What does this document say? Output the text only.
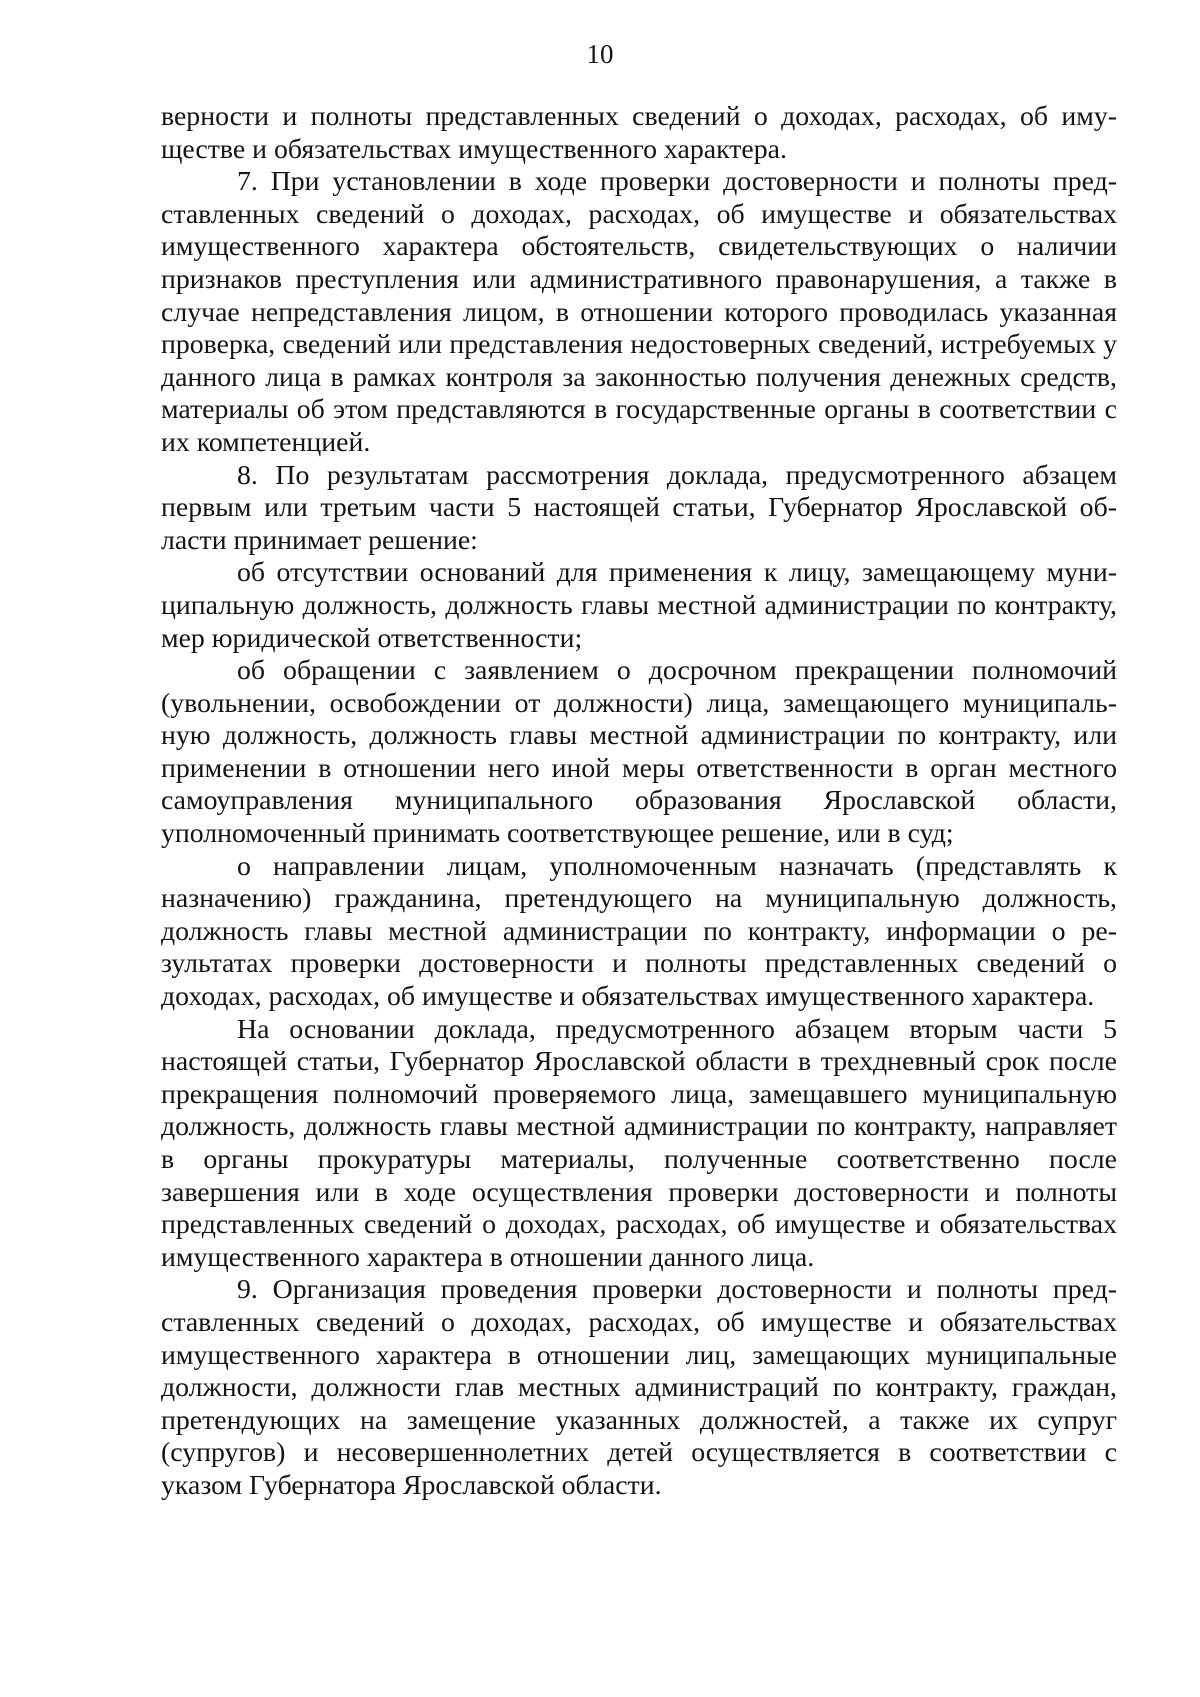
10

верности и полноты представленных сведений о доходах, расходах, об имуществе и обязательствах имущественного характера.

7. При установлении в ходе проверки достоверности и полноты представленных сведений о доходах, расходах, об имуществе и обязательствах имущественного характера обстоятельств, свидетельствующих о наличии признаков преступления или административного правонарушения, а также в случае непредставления лицом, в отношении которого проводилась указанная проверка, сведений или представления недостоверных сведений, истребуемых у данного лица в рамках контроля за законностью получения денежных средств, материалы об этом представляются в государственные органы в соответствии с их компетенцией.

8. По результатам рассмотрения доклада, предусмотренного абзацем первым или третьим части 5 настоящей статьи, Губернатор Ярославской области принимает решение:

об отсутствии оснований для применения к лицу, замещающему муниципальную должность, должность главы местной администрации по контракту, мер юридической ответственности;

об обращении с заявлением о досрочном прекращении полномочий (увольнении, освобождении от должности) лица, замещающего муниципальную должность, должность главы местной администрации по контракту, или применении в отношении него иной меры ответственности в орган местного самоуправления муниципального образования Ярославской области, уполномоченный принимать соответствующее решение, или в суд;

о направлении лицам, уполномоченным назначать (представлять к назначению) гражданина, претендующего на муниципальную должность, должность главы местной администрации по контракту, информации о результатах проверки достоверности и полноты представленных сведений о доходах, расходах, об имуществе и обязательствах имущественного характера.

На основании доклада, предусмотренного абзацем вторым части 5 настоящей статьи, Губернатор Ярославской области в трехдневный срок после прекращения полномочий проверяемого лица, замещавшего муниципальную должность, должность главы местной администрации по контракту, направляет в органы прокуратуры материалы, полученные соответственно после завершения или в ходе осуществления проверки достоверности и полноты представленных сведений о доходах, расходах, об имуществе и обязательствах имущественного характера в отношении данного лица.

9. Организация проведения проверки достоверности и полноты представленных сведений о доходах, расходах, об имуществе и обязательствах имущественного характера в отношении лиц, замещающих муниципальные должности, должности глав местных администраций по контракту, граждан, претендующих на замещение указанных должностей, а также их супруг (супругов) и несовершеннолетних детей осуществляется в соответствии с указом Губернатора Ярославской области.
